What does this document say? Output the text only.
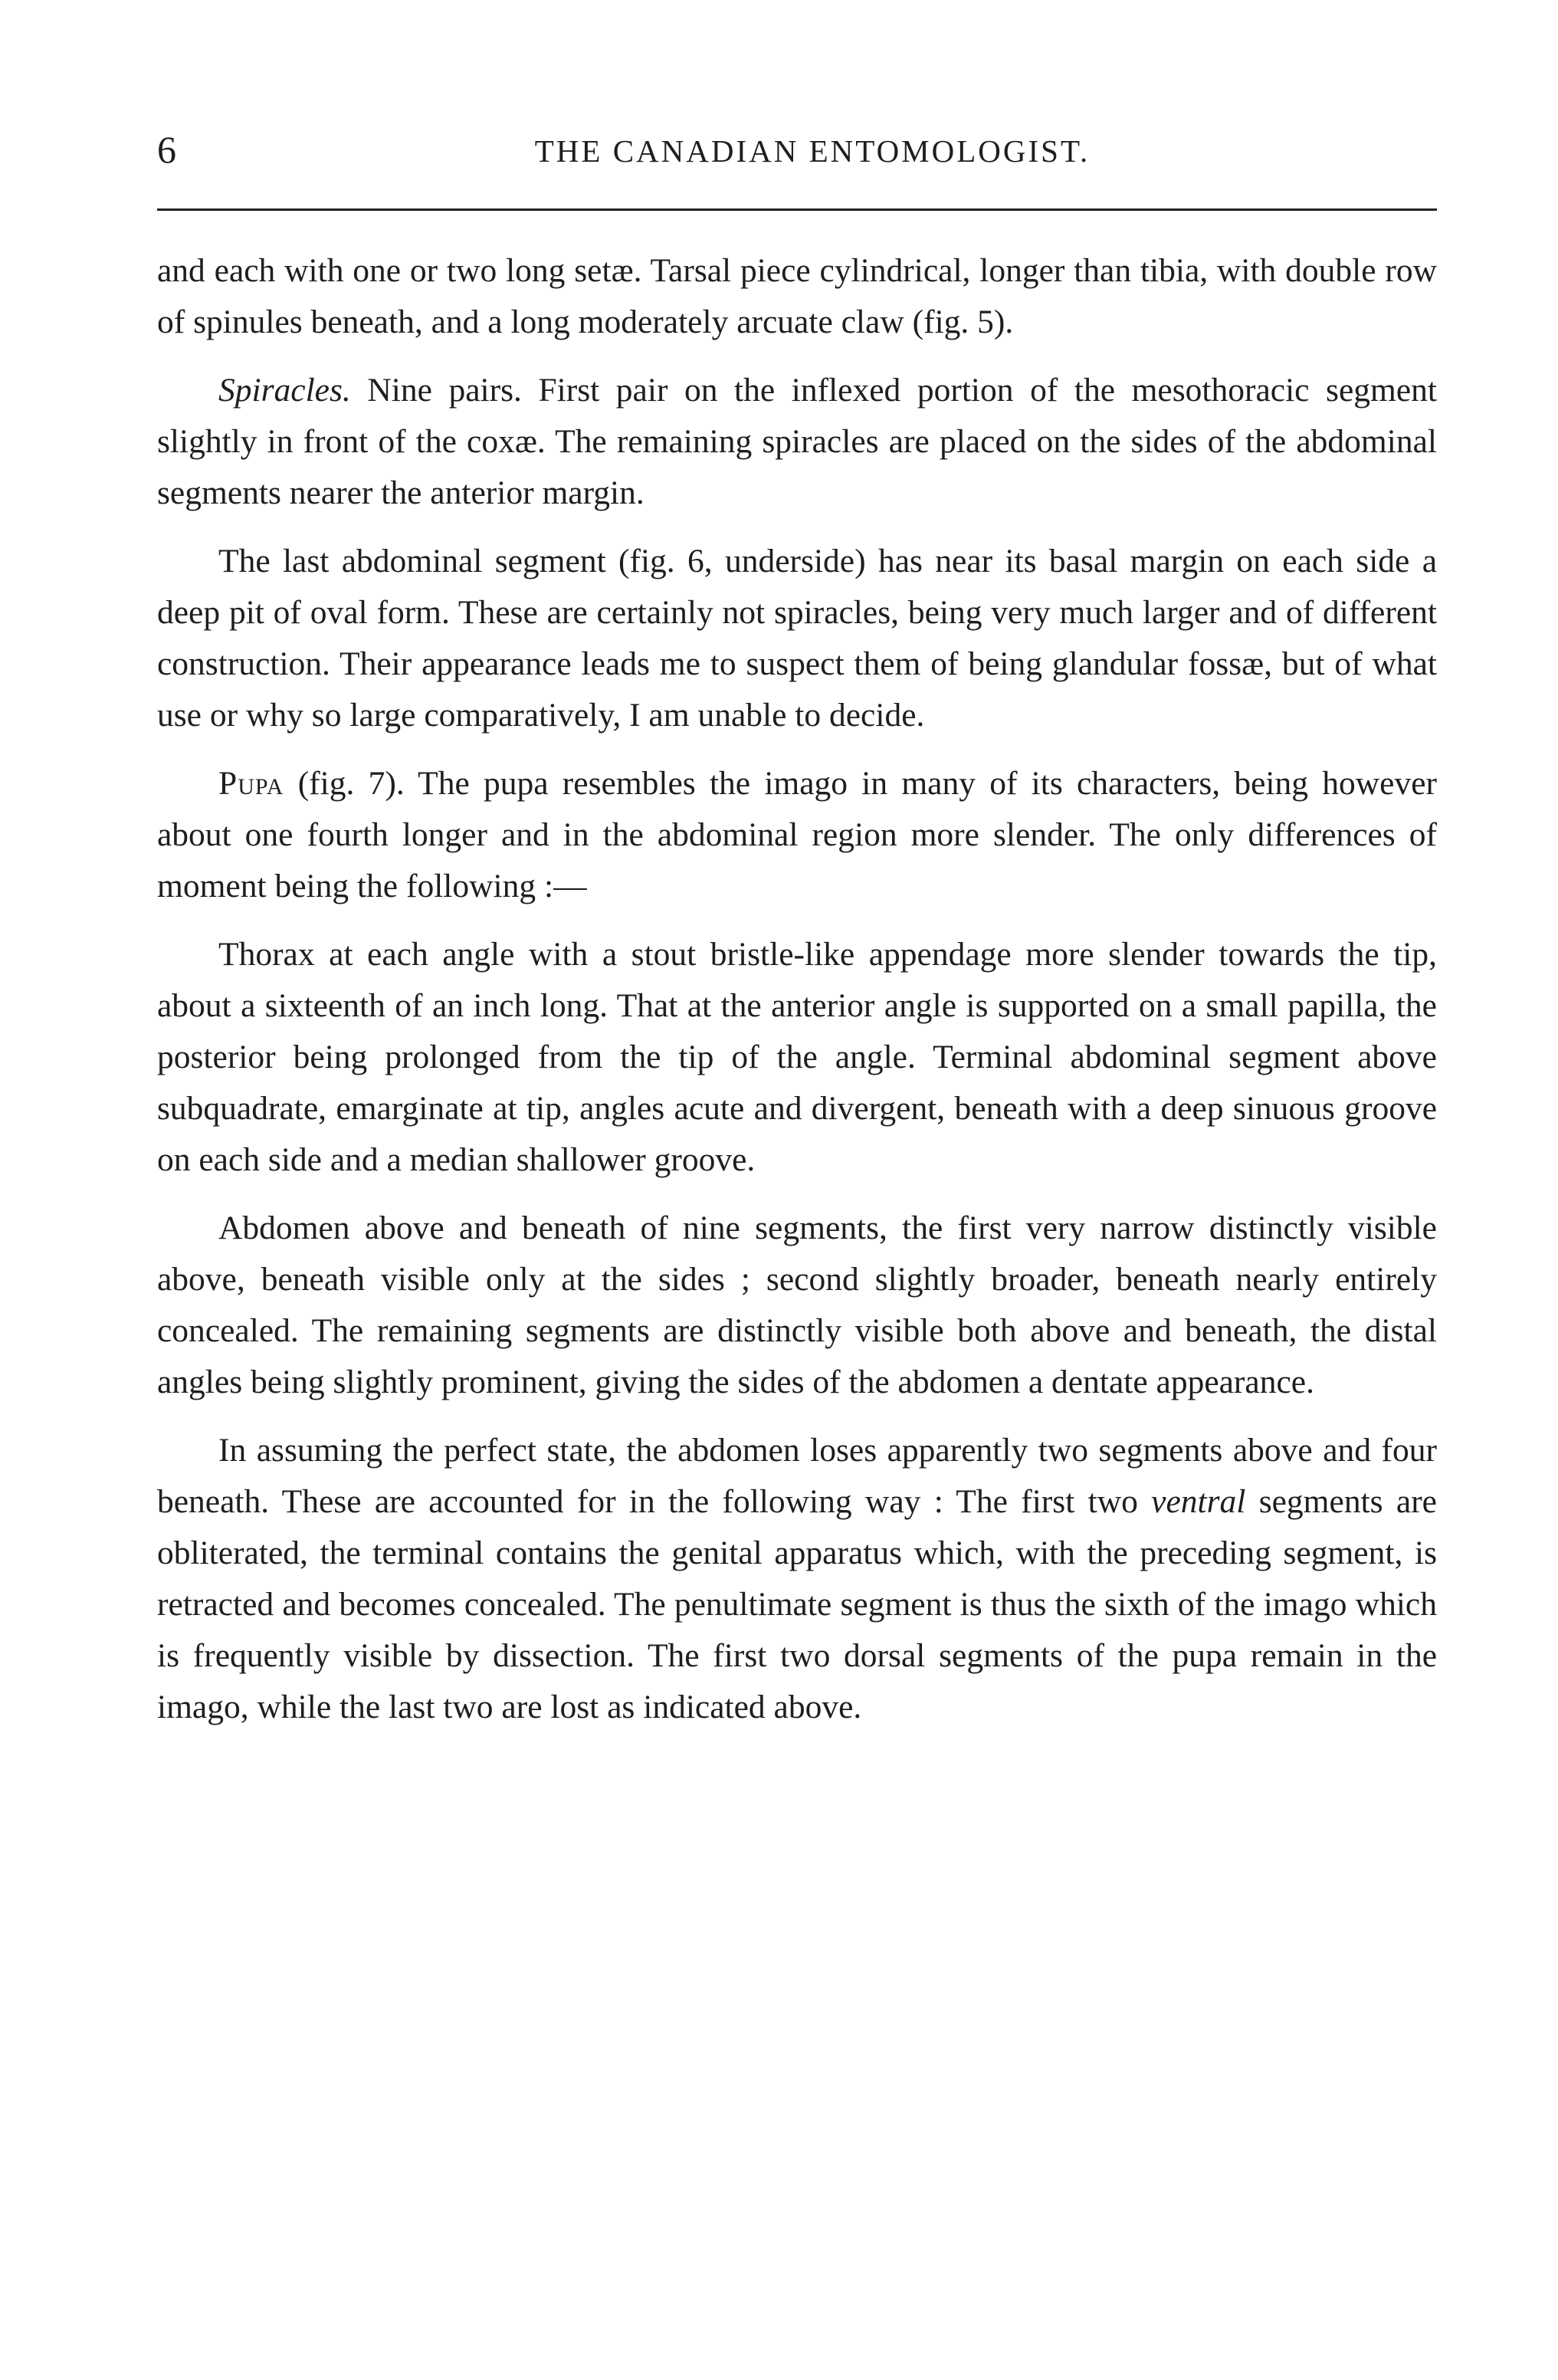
6	THE CANADIAN ENTOMOLOGIST.

and each with one or two long setæ. Tarsal piece cylindrical, longer than tibia, with double row of spinules beneath, and a long moderately arcuate claw (fig. 5).

Spiracles. Nine pairs. First pair on the inflexed portion of the mesothoracic segment slightly in front of the coxæ. The remaining spiracles are placed on the sides of the abdominal segments nearer the anterior margin.

The last abdominal segment (fig. 6, underside) has near its basal margin on each side a deep pit of oval form. These are certainly not spiracles, being very much larger and of different construction. Their appearance leads me to suspect them of being glandular fossæ, but of what use or why so large comparatively, I am unable to decide.

Pupa (fig. 7). The pupa resembles the imago in many of its characters, being however about one fourth longer and in the abdominal region more slender. The only differences of moment being the following :—

Thorax at each angle with a stout bristle-like appendage more slender towards the tip, about a sixteenth of an inch long. That at the anterior angle is supported on a small papilla, the posterior being prolonged from the tip of the angle. Terminal abdominal segment above subquadrate, emarginate at tip, angles acute and divergent, beneath with a deep sinuous groove on each side and a median shallower groove.

Abdomen above and beneath of nine segments, the first very narrow distinctly visible above, beneath visible only at the sides ; second slightly broader, beneath nearly entirely concealed. The remaining segments are distinctly visible both above and beneath, the distal angles being slightly prominent, giving the sides of the abdomen a dentate appearance.

In assuming the perfect state, the abdomen loses apparently two segments above and four beneath. These are accounted for in the following way : The first two ventral segments are obliterated, the terminal contains the genital apparatus which, with the preceding segment, is retracted and becomes concealed. The penultimate segment is thus the sixth of the imago which is frequently visible by dissection. The first two dorsal segments of the pupa remain in the imago, while the last two are lost as indicated above.
